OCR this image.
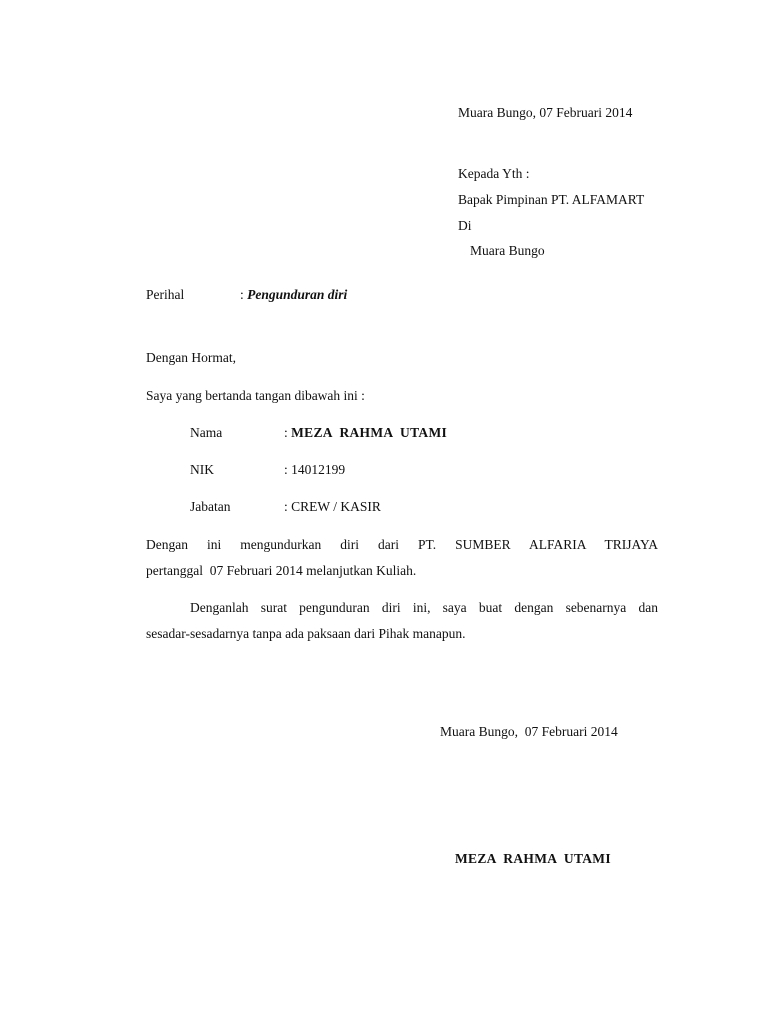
Muara Bungo, 07 Februari 2014
Kepada Yth :
Bapak Pimpinan PT. ALFAMART
Di
Muara Bungo
Perihal	: Pengunduran diri
Dengan Hormat,
Saya yang bertanda tangan dibawah ini :
Nama	: MEZA  RAHMA  UTAMI
NIK	: 14012199
Jabatan	: CREW / KASIR
Dengan ini mengundurkan diri dari PT. SUMBER ALFARIA TRIJAYA
pertanggal  07 Februari 2014 melanjutkan Kuliah.
Denganlah surat pengunduran diri ini, saya buat dengan sebenarnya dan
sesadar-sesadarnya tanpa ada paksaan dari Pihak manapun.
Muara Bungo,  07 Februari 2014
MEZA  RAHMA  UTAMI
